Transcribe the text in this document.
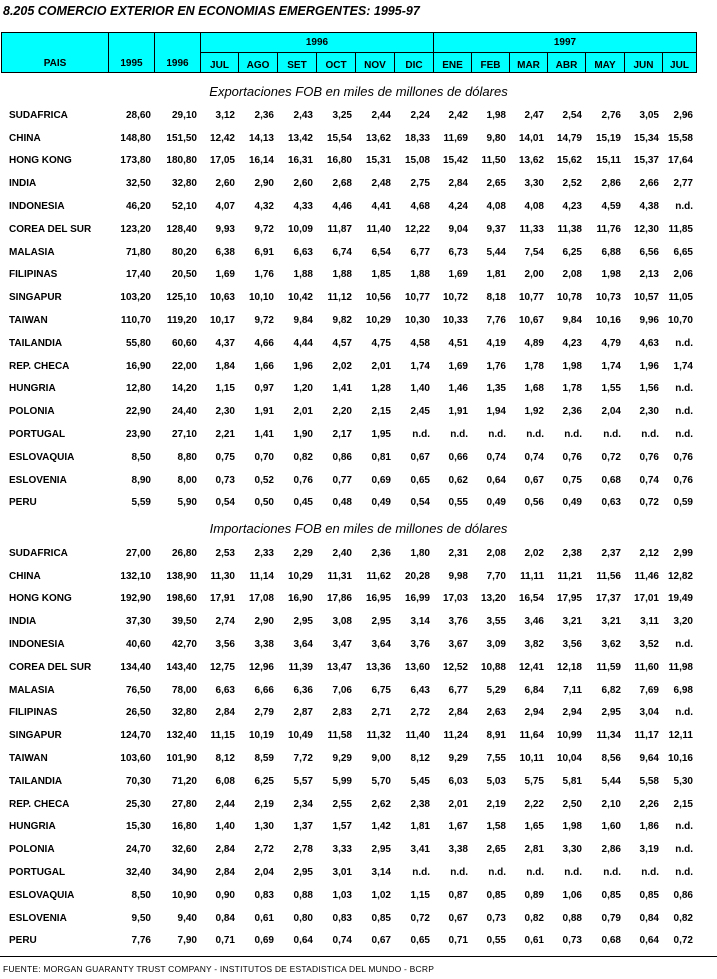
8.205 COMERCIO EXTERIOR EN ECONOMIAS EMERGENTES: 1995-97
PAIS	1995	1996	1996						1997						
			JUL	AGO	SET	OCT	NOV	DIC	ENE	FEB	MAR	ABR	MAY	JUN	JUL
Exportaciones FOB en miles de millones de dólares
SUDAFRICA	28,60	29,10	3,12	2,36	2,43	3,25	2,44	2,24	2,42	1,98	2,47	2,54	2,76	3,05	2,96
CHINA	148,80	151,50	12,42	14,13	13,42	15,54	13,62	18,33	11,69	9,80	14,01	14,79	15,19	15,34	15,58
HONG KONG	173,80	180,80	17,05	16,14	16,31	16,80	15,31	15,08	15,42	11,50	13,62	15,62	15,11	15,37	17,64
INDIA	32,50	32,80	2,60	2,90	2,60	2,68	2,48	2,75	2,84	2,65	3,30	2,52	2,86	2,66	2,77
INDONESIA	46,20	52,10	4,07	4,32	4,33	4,46	4,41	4,68	4,24	4,08	4,08	4,23	4,59	4,38	n.d.
COREA DEL SUR	123,20	128,40	9,93	9,72	10,09	11,87	11,40	12,22	9,04	9,37	11,33	11,38	11,76	12,30	11,85
MALASIA	71,80	80,20	6,38	6,91	6,63	6,74	6,54	6,77	6,73	5,44	7,54	6,25	6,88	6,56	6,65
FILIPINAS	17,40	20,50	1,69	1,76	1,88	1,88	1,85	1,88	1,69	1,81	2,00	2,08	1,98	2,13	2,06
SINGAPUR	103,20	125,10	10,63	10,10	10,42	11,12	10,56	10,77	10,72	8,18	10,77	10,78	10,73	10,57	11,05
TAIWAN	110,70	119,20	10,17	9,72	9,84	9,82	10,29	10,30	10,33	7,76	10,67	9,84	10,16	9,96	10,70
TAILANDIA	55,80	60,60	4,37	4,66	4,44	4,57	4,75	4,58	4,51	4,19	4,89	4,23	4,79	4,63	n.d.
REP. CHECA	16,90	22,00	1,84	1,66	1,96	2,02	2,01	1,74	1,69	1,76	1,78	1,98	1,74	1,96	1,74
HUNGRIA	12,80	14,20	1,15	0,97	1,20	1,41	1,28	1,40	1,46	1,35	1,68	1,78	1,55	1,56	n.d.
POLONIA	22,90	24,40	2,30	1,91	2,01	2,20	2,15	2,45	1,91	1,94	1,92	2,36	2,04	2,30	n.d.
PORTUGAL	23,90	27,10	2,21	1,41	1,90	2,17	1,95	n.d.	n.d.	n.d.	n.d.	n.d.	n.d.	n.d.	n.d.
ESLOVAQUIA	8,50	8,80	0,75	0,70	0,82	0,86	0,81	0,67	0,66	0,74	0,74	0,76	0,72	0,76	0,76
ESLOVENIA	8,90	8,00	0,73	0,52	0,76	0,77	0,69	0,65	0,62	0,64	0,67	0,75	0,68	0,74	0,76
PERU	5,59	5,90	0,54	0,50	0,45	0,48	0,49	0,54	0,55	0,49	0,56	0,49	0,63	0,72	0,59
Importaciones FOB en miles de millones de dólares
SUDAFRICA	27,00	26,80	2,53	2,33	2,29	2,40	2,36	1,80	2,31	2,08	2,02	2,38	2,37	2,12	2,99
CHINA	132,10	138,90	11,30	11,14	10,29	11,31	11,62	20,28	9,98	7,70	11,11	11,21	11,56	11,46	12,82
HONG KONG	192,90	198,60	17,91	17,08	16,90	17,86	16,95	16,99	17,03	13,20	16,54	17,95	17,37	17,01	19,49
INDIA	37,30	39,50	2,74	2,90	2,95	3,08	2,95	3,14	3,76	3,55	3,46	3,21	3,21	3,11	3,20
INDONESIA	40,60	42,70	3,56	3,38	3,64	3,47	3,64	3,76	3,67	3,09	3,82	3,56	3,62	3,52	n.d.
COREA DEL SUR	134,40	143,40	12,75	12,96	11,39	13,47	13,36	13,60	12,52	10,88	12,41	12,18	11,59	11,60	11,98
MALASIA	76,50	78,00	6,63	6,66	6,36	7,06	6,75	6,43	6,77	5,29	6,84	7,11	6,82	7,69	6,98
FILIPINAS	26,50	32,80	2,84	2,79	2,87	2,83	2,71	2,72	2,84	2,63	2,94	2,94	2,95	3,04	n.d.
SINGAPUR	124,70	132,40	11,15	10,19	10,49	11,58	11,32	11,40	11,24	8,91	11,64	10,99	11,34	11,17	12,11
TAIWAN	103,60	101,90	8,12	8,59	7,72	9,29	9,00	8,12	9,29	7,55	10,11	10,04	8,56	9,64	10,16
TAILANDIA	70,30	71,20	6,08	6,25	5,57	5,99	5,70	5,45	6,03	5,03	5,75	5,81	5,44	5,58	5,30
REP. CHECA	25,30	27,80	2,44	2,19	2,34	2,55	2,62	2,38	2,01	2,19	2,22	2,50	2,10	2,26	2,15
HUNGRIA	15,30	16,80	1,40	1,30	1,37	1,57	1,42	1,81	1,67	1,58	1,65	1,98	1,60	1,86	n.d.
POLONIA	24,70	32,60	2,84	2,72	2,78	3,33	2,95	3,41	3,38	2,65	2,81	3,30	2,86	3,19	n.d.
PORTUGAL	32,40	34,90	2,84	2,04	2,95	3,01	3,14	n.d.	n.d.	n.d.	n.d.	n.d.	n.d.	n.d.	n.d.
ESLOVAQUIA	8,50	10,90	0,90	0,83	0,88	1,03	1,02	1,15	0,87	0,85	0,89	1,06	0,85	0,85	0,86
ESLOVENIA	9,50	9,40	0,84	0,61	0,80	0,83	0,85	0,72	0,67	0,73	0,82	0,88	0,79	0,84	0,82
PERU	7,76	7,90	0,71	0,69	0,64	0,74	0,67	0,65	0,71	0,55	0,61	0,73	0,68	0,64	0,72
FUENTE: MORGAN GUARANTY TRUST COMPANY - INSTITUTOS DE ESTADISTICA DEL MUNDO - BCRP
